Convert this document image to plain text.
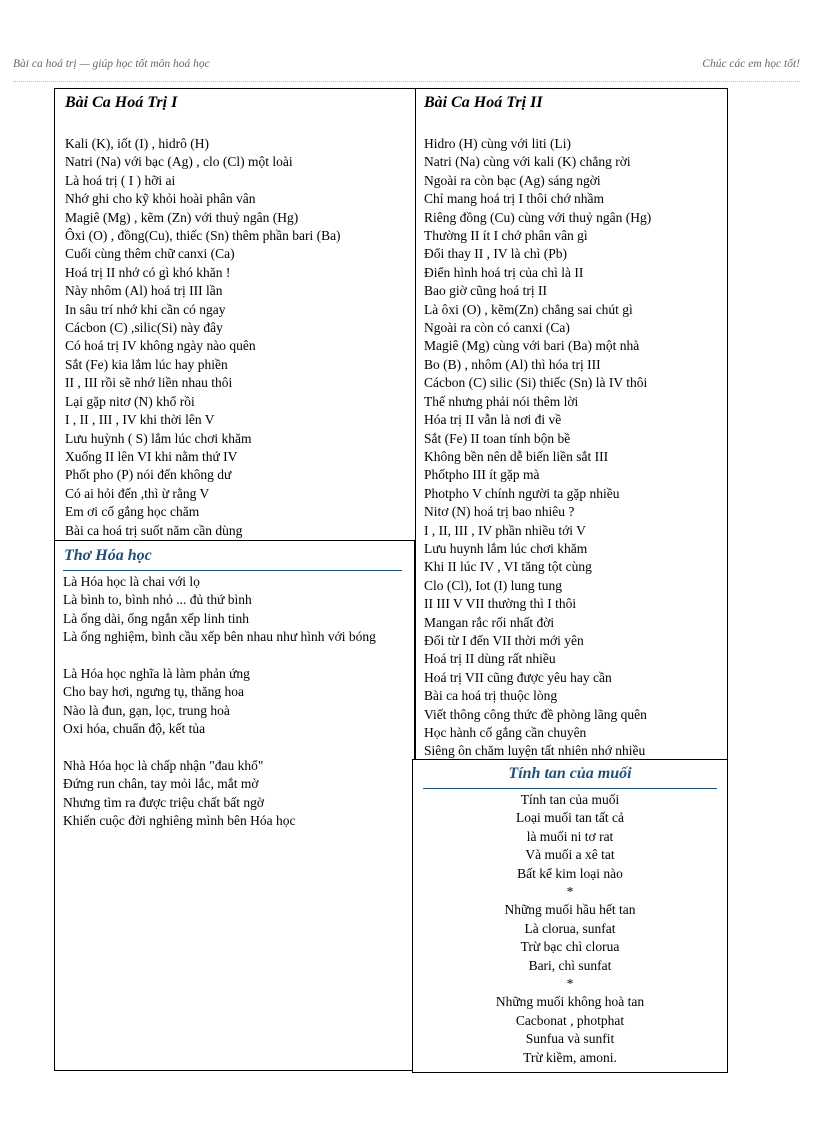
Bài ca hoá trị — giúp học tốt môn hoá học	Chúc các em học tốt!
Bài Ca Hoá Trị I
Kali (K), iốt (I) , hidrô (H)
Natri (Na) với bạc (Ag) , clo (Cl) một loài
Là hoá trị ( I ) hỡi ai
Nhớ ghi cho kỹ khỏi hoài phân vân
Magiê (Mg) , kẽm (Zn) với thuỷ ngân (Hg)
Ôxi (O) , đồng(Cu), thiếc (Sn) thêm phần bari (Ba)
Cuối cùng thêm chữ canxi (Ca)
Hoá trị II nhớ có gì khó khăn !
Này nhôm (Al) hoá trị III lần
In sâu trí nhớ khi cần có ngay
Cácbon (C) ,silic(Si) này đây
Có hoá trị IV không ngày nào quên
Sắt (Fe) kia lắm lúc hay phiền
II , III rồi sẽ nhớ liền nhau thôi
Lại gặp nitơ (N) khổ rồi
I , II , III , IV khi thời lên V
Lưu huỳnh ( S) lắm lúc chơi khăm
Xuống II lên VI khi nằm thứ IV
Phốt pho (P) nói đến không dư
Có ai hỏi đến ,thì ừ rằng V
Em ơi cố gắng học chăm
Bài ca hoá trị suốt năm cần dùng
Bài Ca Hoá Trị II
Hidro (H) cùng với liti (Li)
Natri (Na) cùng với kali (K) chẳng rời
Ngoài ra còn bạc (Ag) sáng ngời
Chỉ mang hoá trị I thôi chớ nhầm
Riêng đồng (Cu) cùng với thuỷ ngân (Hg)
Thường II ít I chớ phân vân gì
Đổi thay II , IV là chì (Pb)
Điển hình hoá trị của chì là II
Bao giờ cũng hoá trị II
Là ôxi (O) , kẽm(Zn) chẳng sai chút gì
Ngoài ra còn có canxi (Ca)
Magiê (Mg) cùng với bari (Ba) một nhà
Bo (B) , nhôm (Al) thì hóa trị III
Cácbon (C) silic (Si) thiếc (Sn) là IV thôi
Thế nhưng phải nói thêm lời
Hóa trị II vẫn là nơi đi về
Sắt (Fe) II toan tính bộn bề
Không bền nên dễ biến liền sắt III
Phốtpho III ít gặp mà
Photpho V chính người ta gặp nhiều
Nitơ (N) hoá trị bao nhiêu ?
I , II, III , IV phần nhiều tới V
Lưu huynh lắm lúc chơi khăm
Khi II lúc IV , VI tăng tột cùng
Clo (Cl), Iot (I) lung tung
II III V VII thường thì I thôi
Mangan rắc rối nhất đời
Đổi từ I đến VII thời mới yên
Hoá trị II dùng rất nhiều
Hoá trị VII cũng được yêu hay cần
Bài ca hoá trị thuộc lòng
Viết thông công thức đề phòng lãng quên
Học hành cố gắng cần chuyên
Siêng ôn chăm luyện tất nhiên nhớ nhiều
Thơ Hóa học
Là Hóa học là chai với lọ
Là bình to, bình nhỏ ... đủ thứ bình
Là ống dài, ống ngắn xếp linh tinh
Là ống nghiệm, bình cầu xếp bên nhau như hình với bóng
Là Hóa học nghĩa là làm phản ứng
Cho bay hơi, ngưng tụ, thăng hoa
Nào là đun, gạn, lọc, trung hoà
Oxi hóa, chuẩn độ, kết tủa
Nhà Hóa học là chấp nhận "đau khổ"
Đứng run chân, tay mỏi lắc, mắt mờ
Nhưng tìm ra được triệu chất bất ngờ
Khiến cuộc đời nghiêng mình bên Hóa học
Tính tan của muối
Tính tan của muối
Loại muối tan tất cả
là muối ni tơ rat
Và muối a xê tat
Bất kể kim loại nào
*
Những muối hầu hết tan
Là clorua, sunfat
Trừ bạc chì clorua
Bari, chì sunfat
*
Những muối không hoà tan
Cacbonat , photphat
Sunfua và sunfit
Trừ kiềm, amoni.
